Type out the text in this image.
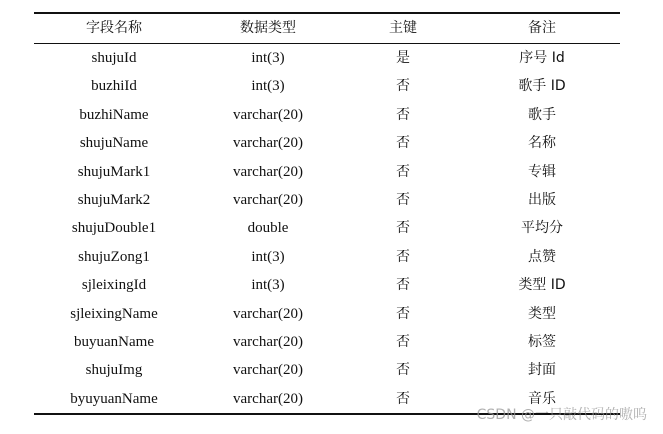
字段名称	数据类型	主键	备注
shujuId	int(3)	是	序号 Id
buzhiId	int(3)	否	歌手 ID
buzhiName	varchar(20)	否	歌手
shujuName	varchar(20)	否	名称
shujuMark1	varchar(20)	否	专辑
shujuMark2	varchar(20)	否	出版
shujuDouble1	double	否	平均分
shujuZong1	int(3)	否	点赞
sjleixingId	int(3)	否	类型 ID
sjleixingName	varchar(20)	否	类型
buyuanName	varchar(20)	否	标签
shujuImg	varchar(20)	否	封面
byuyuanName	varchar(20)	否	音乐
CSDN @一只敲代码的嗷呜
